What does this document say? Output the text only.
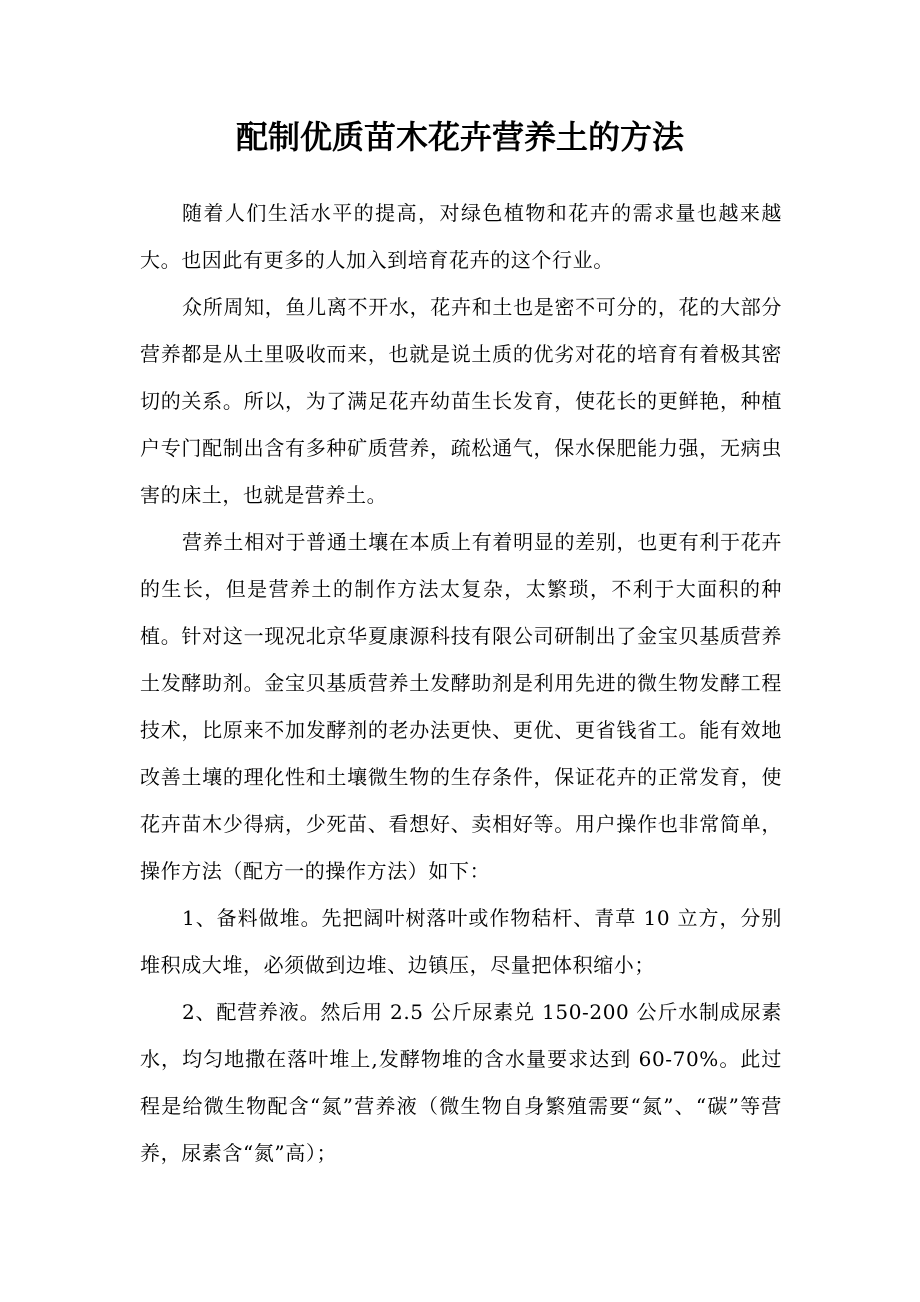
配制优质苗木花卉营养土的方法

随着人们生活水平的提高，对绿色植物和花卉的需求量也越来越大。也因此有更多的人加入到培育花卉的这个行业。

众所周知，鱼儿离不开水，花卉和土也是密不可分的，花的大部分营养都是从土里吸收而来，也就是说土质的优劣对花的培育有着极其密切的关系。所以，为了满足花卉幼苗生长发育，使花长的更鲜艳，种植户专门配制出含有多种矿质营养，疏松通气，保水保肥能力强，无病虫害的床土，也就是营养土。

营养土相对于普通土壤在本质上有着明显的差别，也更有利于花卉的生长，但是营养土的制作方法太复杂，太繁琐，不利于大面积的种植。针对这一现况北京华夏康源科技有限公司研制出了金宝贝基质营养土发酵助剂。金宝贝基质营养土发酵助剂是利用先进的微生物发酵工程技术，比原来不加发酵剂的老办法更快、更优、更省钱省工。能有效地改善土壤的理化性和土壤微生物的生存条件，保证花卉的正常发育，使花卉苗木少得病，少死苗、看想好、卖相好等。用户操作也非常简单，操作方法（配方一的操作方法）如下：

1、备料做堆。先把阔叶树落叶或作物秸杆、青草 10 立方，分别堆积成大堆，必须做到边堆、边镇压，尽量把体积缩小；

2、配营养液。然后用 2.5 公斤尿素兑 150-200 公斤水制成尿素水，均匀地撒在落叶堆上,发酵物堆的含水量要求达到 60-70%。此过程是给微生物配含“氮”营养液（微生物自身繁殖需要“氮”、“碳”等营养，尿素含“氮”高）；
